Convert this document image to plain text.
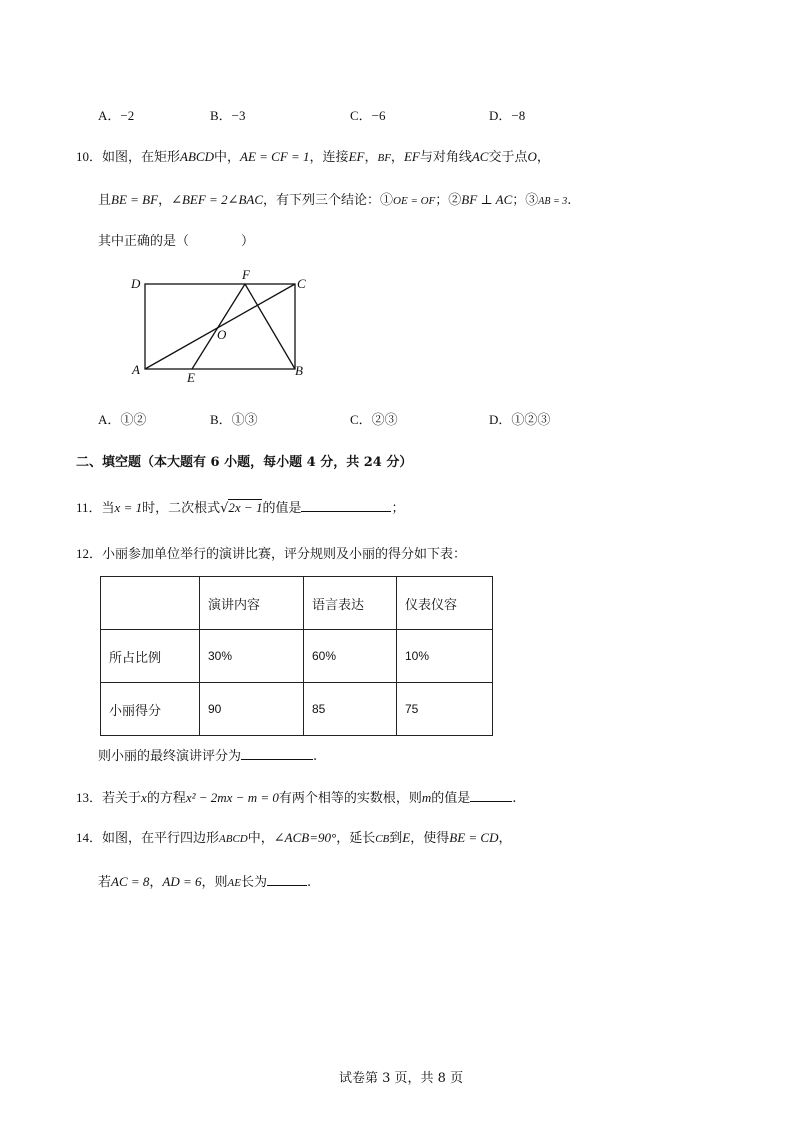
A．−2	B．−3	C．−6	D．−8
10．如图，在矩形ABCD中，AE = CF = 1，连接EF，BF，EF与对角线AC交于点O，
且BE = BF，∠BEF = 2∠BAC，有下列三个结论：①OE = OF；②BF ⊥ AC；③AB = 3.
其中正确的是（　　　　）
D
F
C
O
A
E	B
A．①②	B．①③	C．②③	D．①②③
二、填空题（本大题有 6 小题，每小题 4 分，共 24 分）
11．当x = 1时，二次根式√2x − 1的值是	；
12．小丽参加单位举行的演讲比赛，评分规则及小丽的得分如下表：
	演讲内容	语言表达	仪表仪容
所占比例	30%	60%	10%
小丽得分	90	85	75
则小丽的最终演讲评分为	.
13．若关于x的方程x² − 2mx − m = 0有两个相等的实数根，则m的值是	.
14．如图，在平行四边形ABCD中，∠ACB=90°，延长CB到E，使得BE = CD，
若AC = 8，AD = 6，则AE长为	.
试卷第 3 页，共 8 页
